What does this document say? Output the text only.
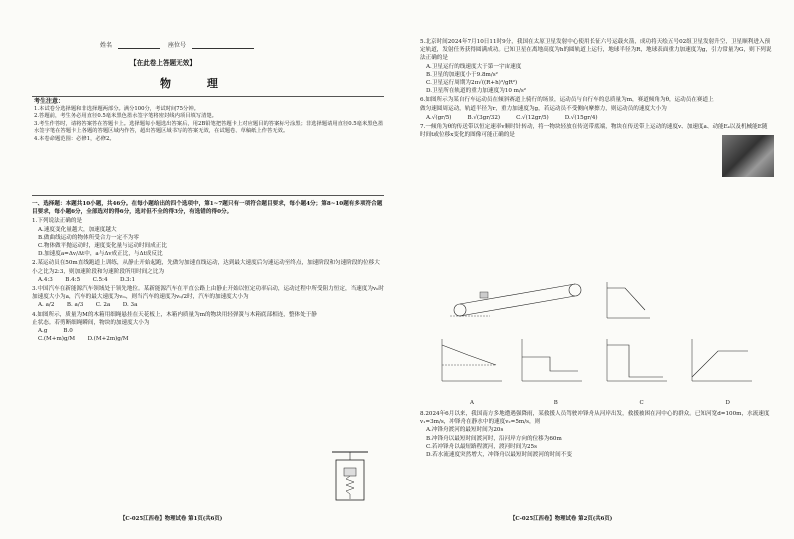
姓名	座位号
【在此卷上答题无效】
物 理
考生注意：
1.本试卷分选择题和非选择题两部分。满分100分，考试时间75分钟。
2.答题前，考生务必用直径0.5毫米黑色墨水签字笔将密封线内项目填写清楚。
3.考生作答时，请将答案答在答题卡上。选择题每小题选出答案后，用2B铅笔把答题卡上对应题目的答案标号涂黑；非选择题请用直径0.5毫米黑色墨水签字笔在答题卡上各题的答题区域内作答，超出答题区域书写的答案无效，在试题卷、草稿纸上作答无效。
4.本卷命题范围：必修1，必修2。
一、选择题：本题共10小题，共46分。在每小题给出的四个选项中，第1~7题只有一项符合题目要求，每小题4分；第8~10题有多项符合题目要求，每小题6分，全部选对的得6分，选对但不全的得3分，有选错的得0分。
1.下列说法正确的是
A.速度变化量越大，加速度越大
B.做曲线运动的物体所受合力一定不为零
C.物体做平抛运动时，速度变化量与运动时间成正比
D.加速度a=Δv/Δt中，a与Δv成正比，与Δt成反比
2.某运动员在50m直线跑道上训练，从静止开始起跑，先做匀加速直线运动，达到最大速度后匀速运动至终点，加速阶段和匀速阶段的位移大小之比为2:3，则加速阶段和匀速阶段所用时间之比为
A.4:3 B.4:5 C.5:4 D.3:1
3.中国汽车在新能源汽车领域处于领先地位。某新能源汽车在平直公路上由静止开始以恒定功率启动，运动过程中所受阻力恒定，当速度为v₀时加速度大小为a，汽车的最大速度为vₘ，则当汽车的速度为v₀/2时，汽车的加速度大小为
A. a/2 B. a/3 C. 2a D. 3a
4.如图所示，质量为M的木箱用细绳悬挂在天花板上，木箱内质量为m的物块用轻弹簧与木箱底部相连，整体处于静止状态。若剪断细绳瞬间，物块的加速度大小为
A.g	B.0
C.(M+m)g/M D.(M+2m)g/M
【C-025江西卷】物理试卷 第1页(共6页)
5.北京时间2024年7月10日11时9分，我国在太原卫星发射中心使用长征六号运载火箭，成功将天绘五号02组卫星发射升空，卫星顺利进入预定轨道，发射任务获得圆满成功。已知卫星在离地高度为h的圆轨道上运行，地球半径为R，地球表面重力加速度为g，引力常量为G，则下列说法正确的是
A.卫星运行的线速度大于第一宇宙速度
B.卫星的加速度小于9.8m/s²
C.卫星运行周期为2π√((R+h)³/gR²)
D.卫星所在轨道的重力加速度为10 m/s²
6.如图所示为某自行车运动员在倾斜赛道上骑行的场景，运动员与自行车的总质量为m，赛道倾角为θ，运动员在赛道上做匀速圆周运动，轨道半径为r，重力加速度为g，若运动员不受侧向摩擦力，则运动员的速度大小为
A.√(gr/5)	B.√(3gr/32)	C.√(12gr/5)	D.√(15gr/4)
7.一倾角为θ的传送带以恒定速率v顺时针转动，将一物块轻放在传送带底端，物块在传送带上运动的速度v、加速度a、动能Eₖ以及机械能E随时间t或位移x变化的图像可能正确的是
A	B	C	D
8.2024年6月以来，我国南方多地遭遇强降雨，某救援人员驾驶冲锋舟从河岸出发，救援被困在河中心的群众。已知河宽d=100m，水流速度v₁=3m/s，冲锋舟在静水中的速度v₂=5m/s，则
A.冲锋舟渡河的最短时间为20s
B.冲锋舟以最短时间渡河时，沿河岸方向的位移为60m
C.若冲锋舟以最短路程渡河，渡河时间为25s
D.若水流速度突然增大，冲锋舟以最短时间渡河的时间不变
【C-025江西卷】物理试卷 第2页(共6页)
